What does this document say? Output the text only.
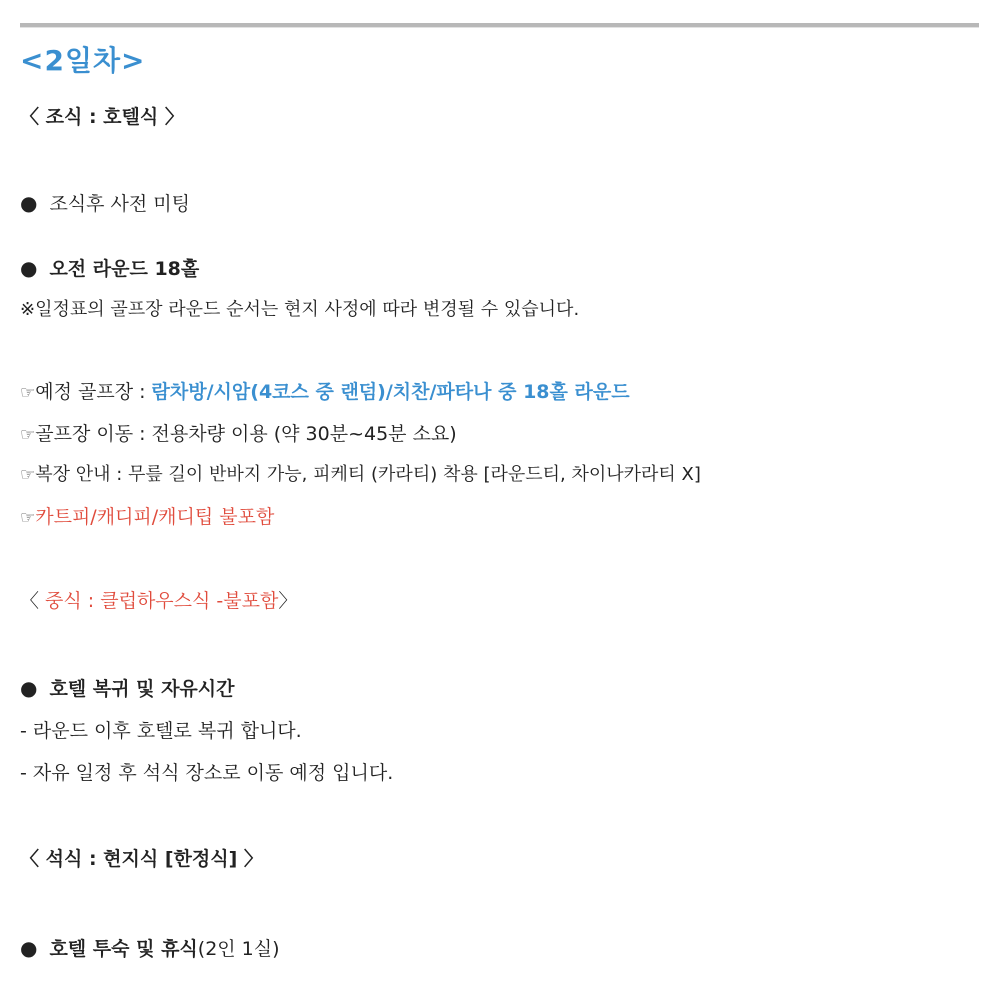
<2일차>
〈 조식 : 호텔식 〉
● 조식후 사전 미팅
● 오전 라운드 18홀
※일정표의 골프장 라운드 순서는 현지 사정에 따라 변경될 수 있습니다.
☞예정 골프장 : 람차방/시암(4코스 중 랜덤)/치찬/파타나 중 18홀 라운드
☞골프장 이동 : 전용차량 이용 (약 30분~45분 소요)
☞복장 안내 : 무릎 길이 반바지 가능, 피케티 (카라티) 착용 [라운드티, 차이나카라티 X]
☞카트피/캐디피/캐디팁 불포함
〈 중식 : 클럽하우스식 -불포함〉
● 호텔 복귀 및 자유시간
- 라운드 이후 호텔로 복귀 합니다.
- 자유 일정 후 석식 장소로 이동 예정 입니다.
〈 석식 : 현지식 [한정식] 〉
● 호텔 투숙 및 휴식(2인 1실)
